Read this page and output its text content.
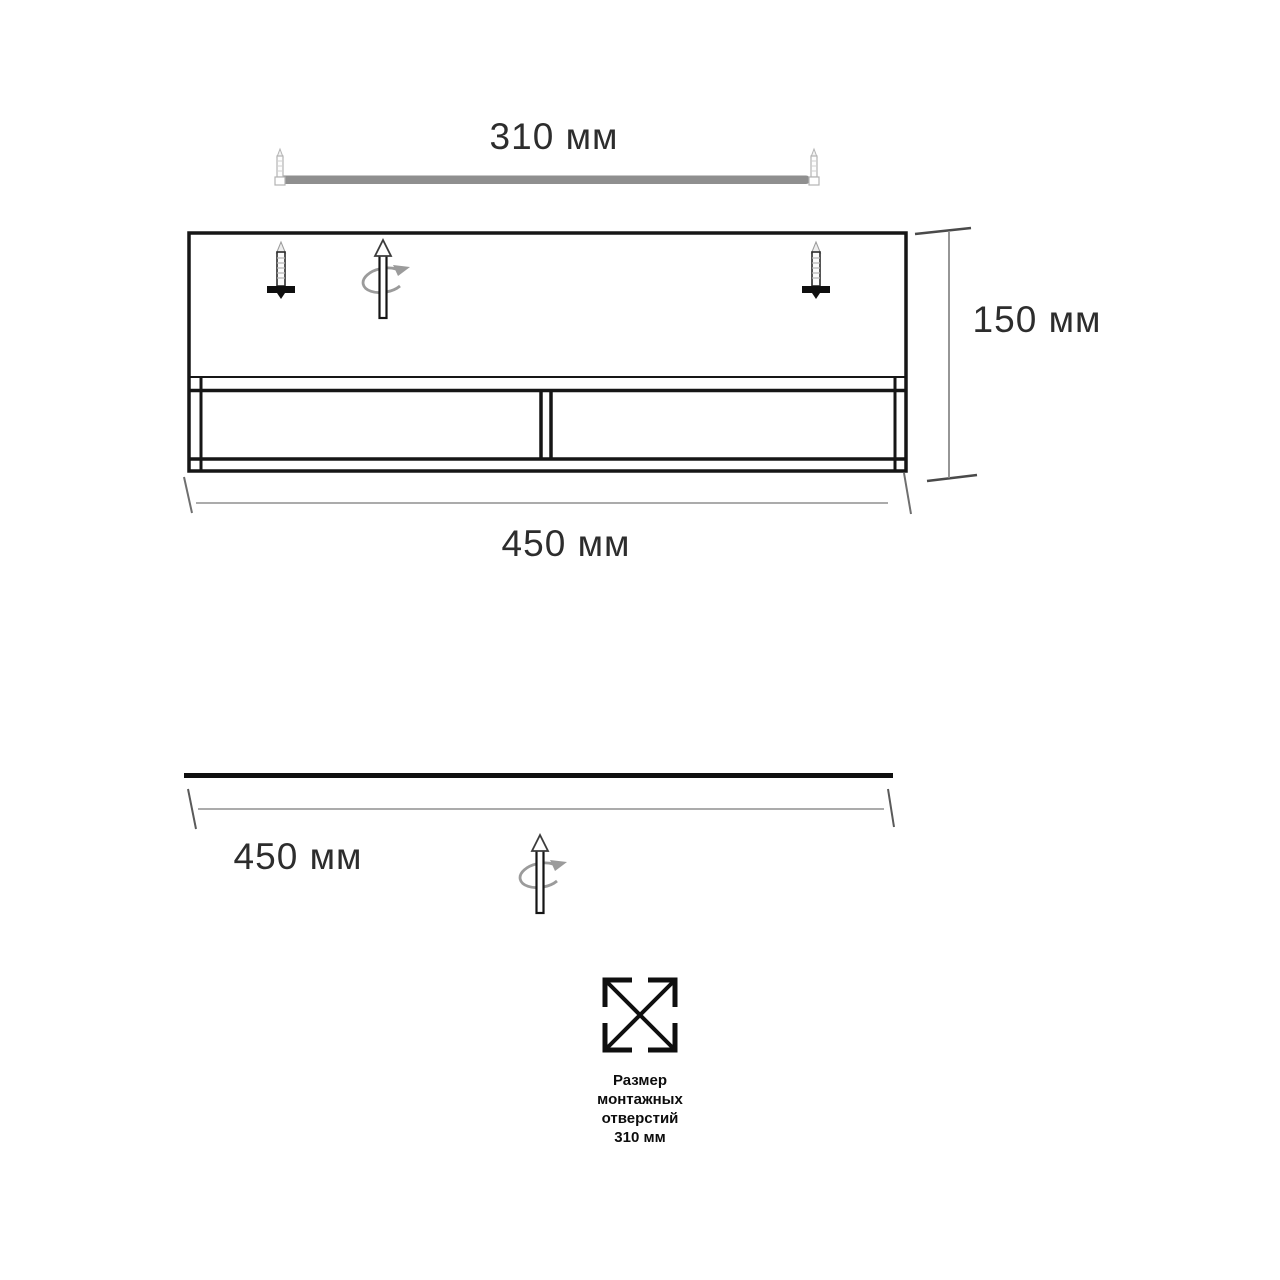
310 мм
150 мм
450 мм
450 мм
Размер
монтажных
отверстий
310 мм
